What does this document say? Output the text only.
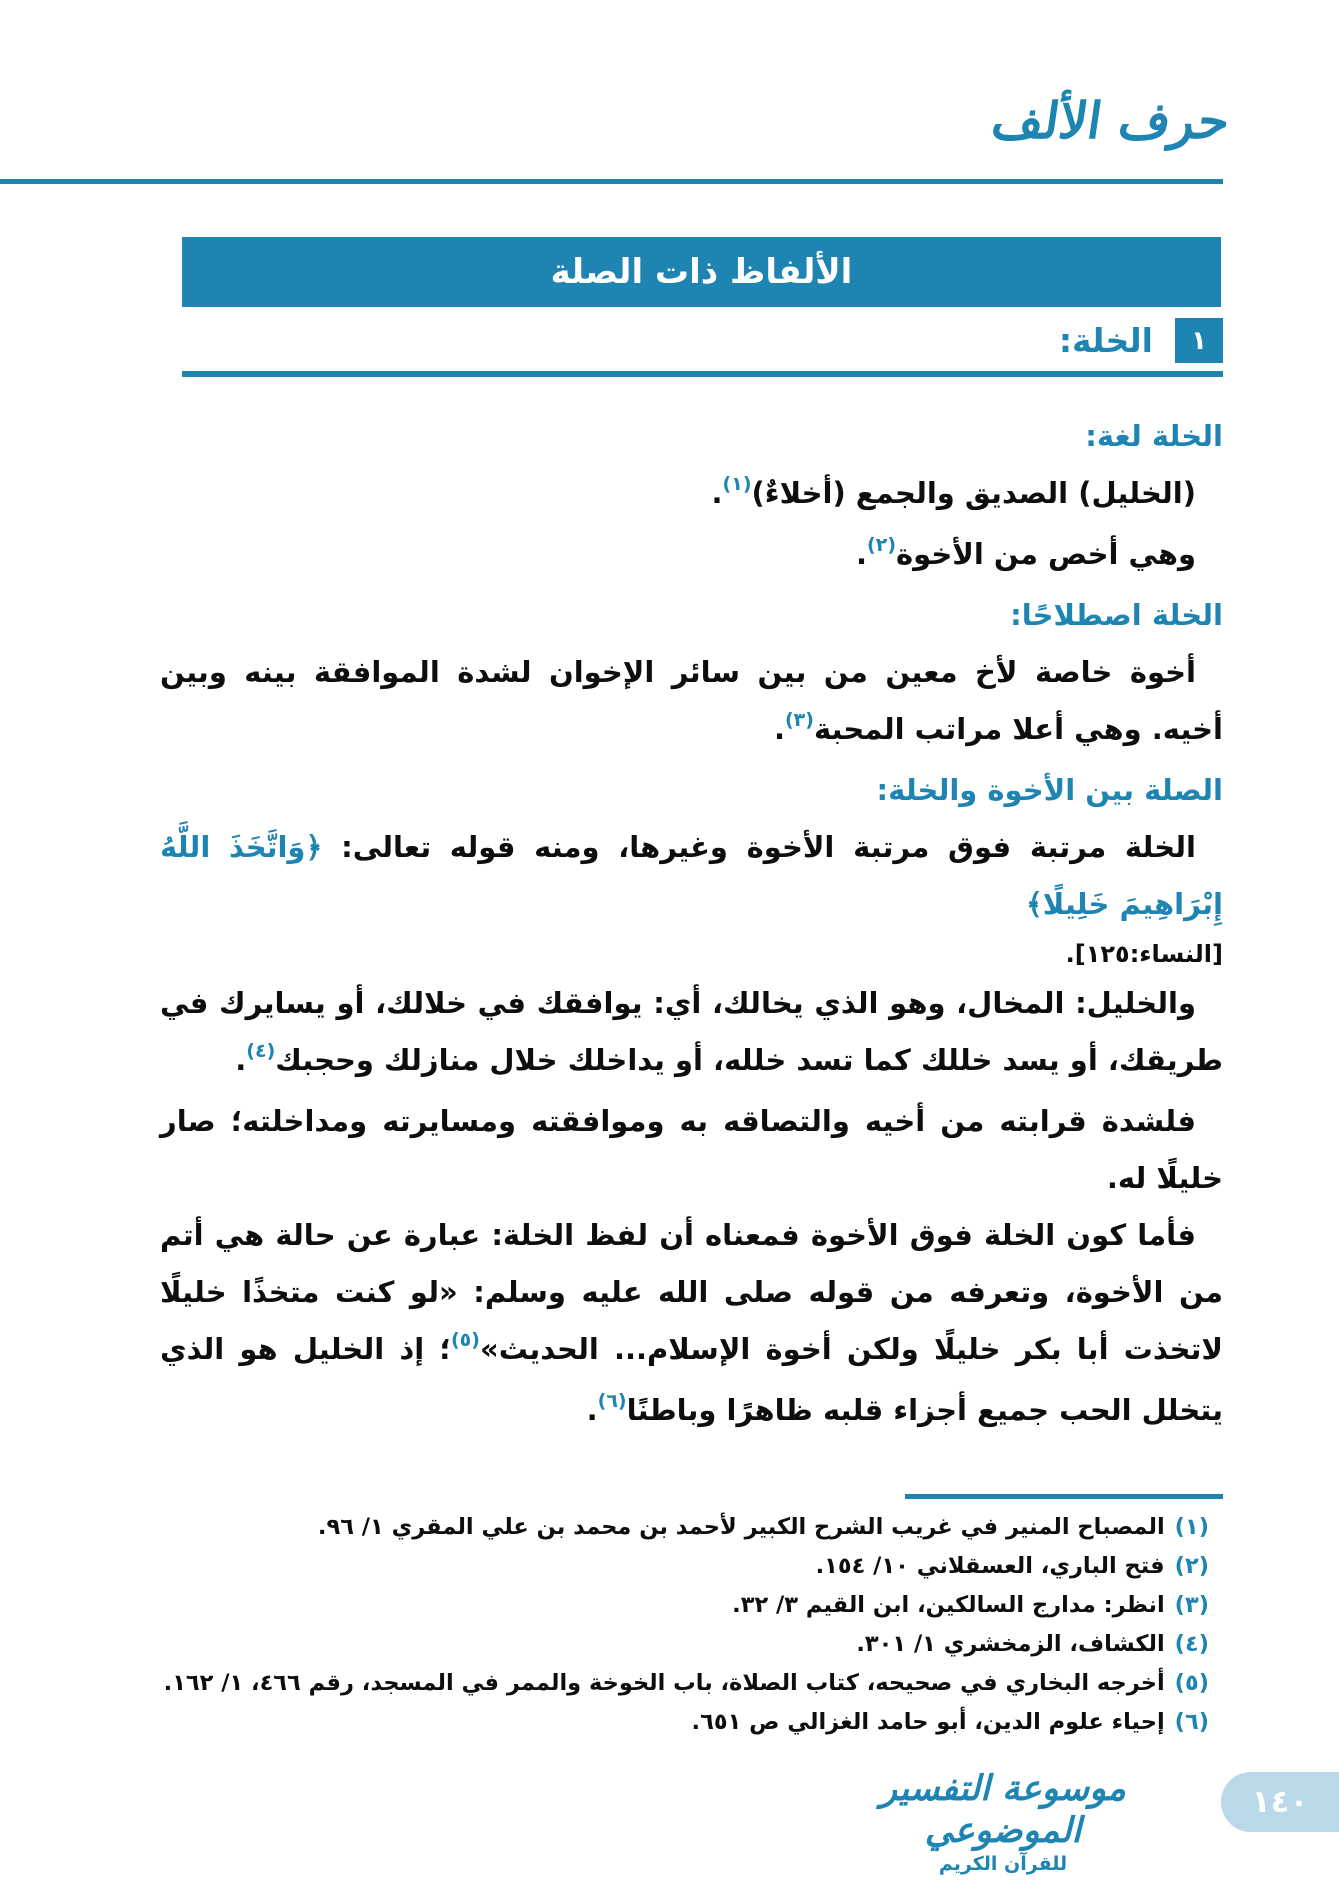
حرف الألف
الألفاظ ذات الصلة
١
الخلة:
الخلة لغة:

(الخليل) الصديق والجمع (أخلاءٌ)$^{(١)}$.

وهي أخص من الأخوة$^{(٢)}$.

الخلة اصطلاحًا:

أخوة خاصة لأخ معين من بين سائر الإخوان لشدة الموافقة بينه وبين أخيه. وهي أعلا مراتب المحبة$^{(٣)}$.

الصلة بين الأخوة والخلة:

الخلة مرتبة فوق مرتبة الأخوة وغيرها، ومنه قوله تعالى: ﴿وَاتَّخَذَ اللَّهُ إِبْرَاهِيمَ خَلِيلًا﴾

[النساء:١٢٥].

والخليل: المخال، وهو الذي يخالك، أي: يوافقك في خلالك، أو يسايرك في طريقك، أو يسد خللك كما تسد خلله، أو يداخلك خلال منازلك وحجبك$^{(٤)}$.

فلشدة قرابته من أخيه والتصاقه به وموافقته ومسايرته ومداخلته؛ صار خليلًا له.

فأما كون الخلة فوق الأخوة فمعناه أن لفظ الخلة: عبارة عن حالة هي أتم من الأخوة، وتعرفه من قوله صلى الله عليه وسلم: «لو كنت متخذًا خليلًا لاتخذت أبا بكر خليلًا ولكن أخوة الإسلام... الحديث»$^{(٥)}$؛ إذ الخليل هو الذي يتخلل الحب جميع أجزاء قلبه ظاهرًا وباطنًا$^{(٦)}$.

(١)المصباح المنير في غريب الشرح الكبير لأحمد بن محمد بن علي المقري ١/ ٩٦.
(٢)فتح الباري، العسقلاني ١٠/ ١٥٤.
(٣)انظر: مدارج السالكين، ابن القيم ٣/ ٣٢.
(٤)الكشاف، الزمخشري ١/ ٣٠١.
(٥)أخرجه البخاري في صحيحه، كتاب الصلاة، باب الخوخة والممر في المسجد، رقم ٤٦٦، ١/ ١٦٢.
(٦)إحياء علوم الدين، أبو حامد الغزالي ص ٦٥١.
موسوعة التفسير الموضوعي
للقرآن الكريم
١٤٠
